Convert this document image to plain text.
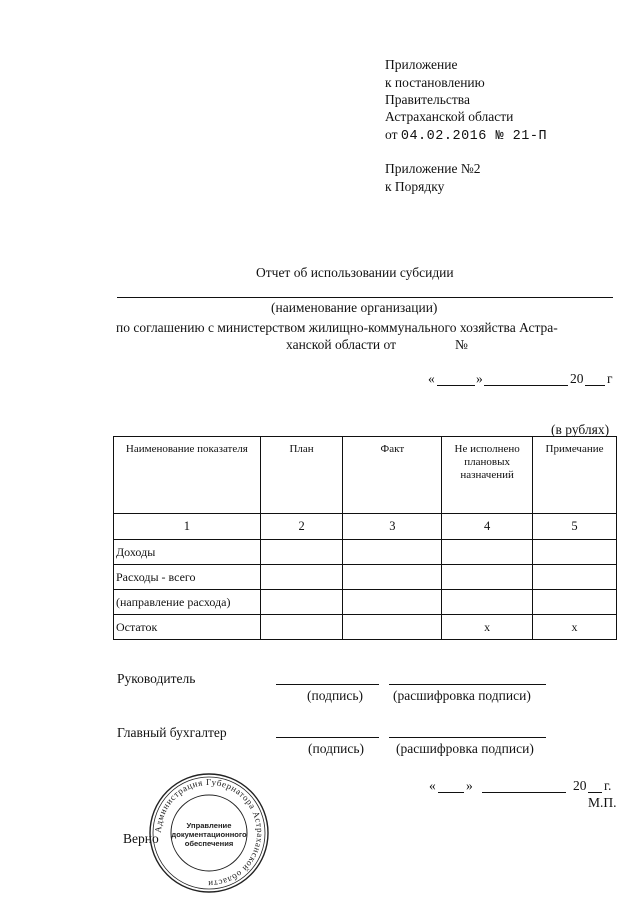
Приложение
к постановлению
Правительства
Астраханской области
от 04.02.2016 № 21-П
Приложение №2
к Порядку
Отчет об использовании субсидии
(наименование организации)
по соглашению с министерством жилищно-коммунального хозяйства Астра-
ханской области от	№
«	»	20 г
(в рублях)
Наименование показателя	План	Факт	Не исполнено плановых назначений	Примечание
1	2	3	4	5
Доходы				
Расходы - всего				
(направление расхода)				
Остаток			х	х
Руководитель
(подпись) (расшифровка подписи)
Главный бухгалтер
(подпись) (расшифровка подписи)
« »	20 г.
М.П.
Верно
Администрация Губернатора Астраханской области
Управление
документационного
обеспечения
